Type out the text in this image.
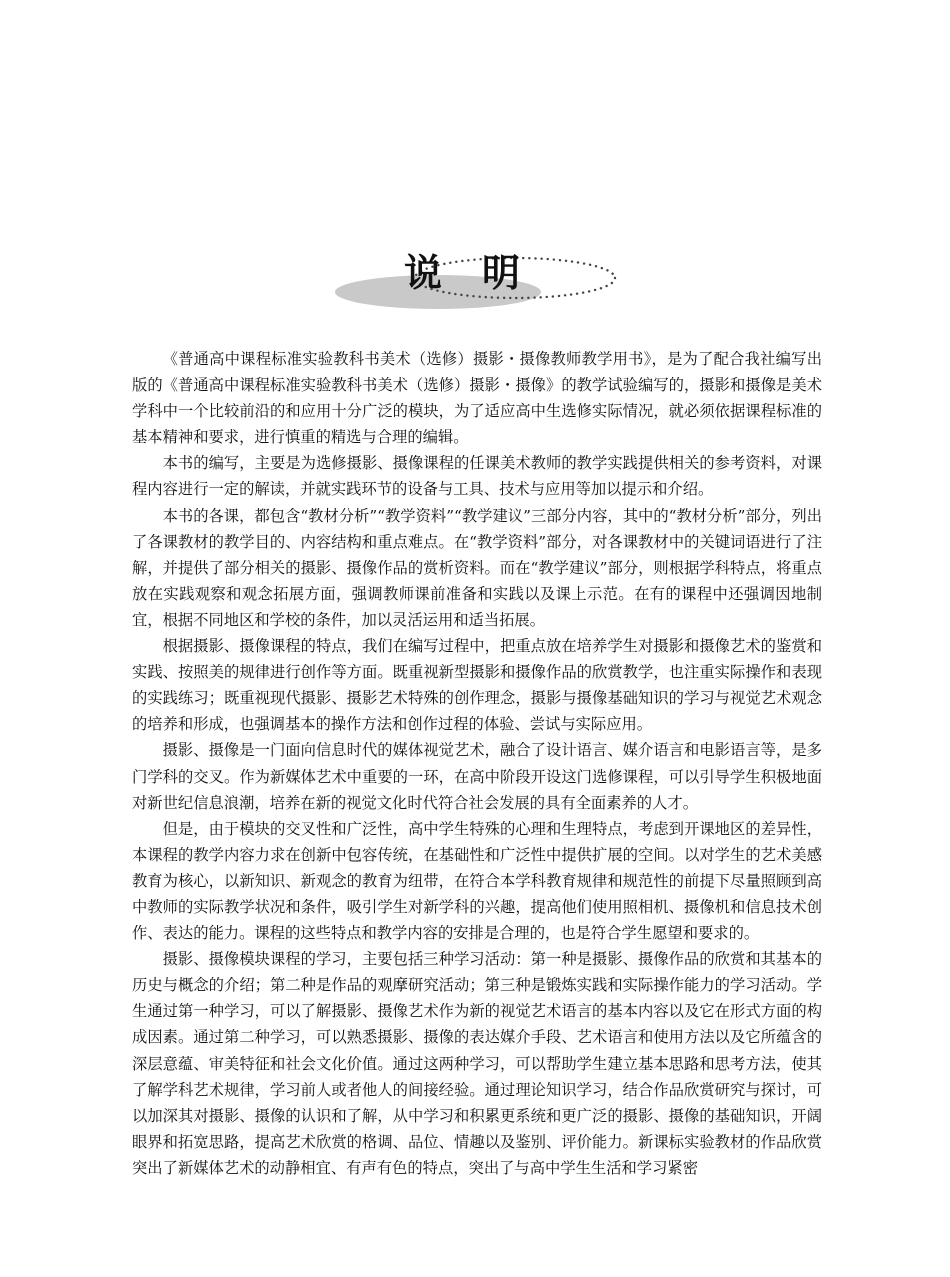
说明

《普通高中课程标准实验教科书美术（选修）摄影・摄像教师教学用书》，是为了配合我社编写出版的《普通高中课程标准实验教科书美术（选修）摄影・摄像》的教学试验编写的，摄影和摄像是美术学科中一个比较前沿的和应用十分广泛的模块，为了适应高中生选修实际情况，就必须依据课程标准的基本精神和要求，进行慎重的精选与合理的编辑。

本书的编写，主要是为选修摄影、摄像课程的任课美术教师的教学实践提供相关的参考资料，对课程内容进行一定的解读，并就实践环节的设备与工具、技术与应用等加以提示和介绍。

本书的各课，都包含“教材分析”“教学资料”“教学建议”三部分内容，其中的“教材分析”部分，列出了各课教材的教学目的、内容结构和重点难点。在“教学资料”部分，对各课教材中的关键词语进行了注解，并提供了部分相关的摄影、摄像作品的赏析资料。而在“教学建议”部分，则根据学科特点，将重点放在实践观察和观念拓展方面，强调教师课前准备和实践以及课上示范。在有的课程中还强调因地制宜，根据不同地区和学校的条件，加以灵活运用和适当拓展。

根据摄影、摄像课程的特点，我们在编写过程中，把重点放在培养学生对摄影和摄像艺术的鉴赏和实践、按照美的规律进行创作等方面。既重视新型摄影和摄像作品的欣赏教学，也注重实际操作和表现的实践练习；既重视现代摄影、摄影艺术特殊的创作理念，摄影与摄像基础知识的学习与视觉艺术观念的培养和形成，也强调基本的操作方法和创作过程的体验、尝试与实际应用。

摄影、摄像是一门面向信息时代的媒体视觉艺术，融合了设计语言、媒介语言和电影语言等，是多门学科的交叉。作为新媒体艺术中重要的一环，在高中阶段开设这门选修课程，可以引导学生积极地面对新世纪信息浪潮，培养在新的视觉文化时代符合社会发展的具有全面素养的人才。

但是，由于模块的交叉性和广泛性，高中学生特殊的心理和生理特点，考虑到开课地区的差异性，本课程的教学内容力求在创新中包容传统，在基础性和广泛性中提供扩展的空间。以对学生的艺术美感教育为核心，以新知识、新观念的教育为纽带，在符合本学科教育规律和规范性的前提下尽量照顾到高中教师的实际教学状况和条件，吸引学生对新学科的兴趣，提高他们使用照相机、摄像机和信息技术创作、表达的能力。课程的这些特点和教学内容的安排是合理的，也是符合学生愿望和要求的。

摄影、摄像模块课程的学习，主要包括三种学习活动：第一种是摄影、摄像作品的欣赏和其基本的历史与概念的介绍；第二种是作品的观摩研究活动；第三种是锻炼实践和实际操作能力的学习活动。学生通过第一种学习，可以了解摄影、摄像艺术作为新的视觉艺术语言的基本内容以及它在形式方面的构成因素。通过第二种学习，可以熟悉摄影、摄像的表达媒介手段、艺术语言和使用方法以及它所蕴含的深层意蕴、审美特征和社会文化价值。通过这两种学习，可以帮助学生建立基本思路和思考方法，使其了解学科艺术规律，学习前人或者他人的间接经验。通过理论知识学习，结合作品欣赏研究与探讨，可以加深其对摄影、摄像的认识和了解，从中学习和积累更系统和更广泛的摄影、摄像的基础知识，开阔眼界和拓宽思路，提高艺术欣赏的格调、品位、情趣以及鉴别、评价能力。新课标实验教材的作品欣赏突出了新媒体艺术的动静相宜、有声有色的特点，突出了与高中学生生活和学习紧密
